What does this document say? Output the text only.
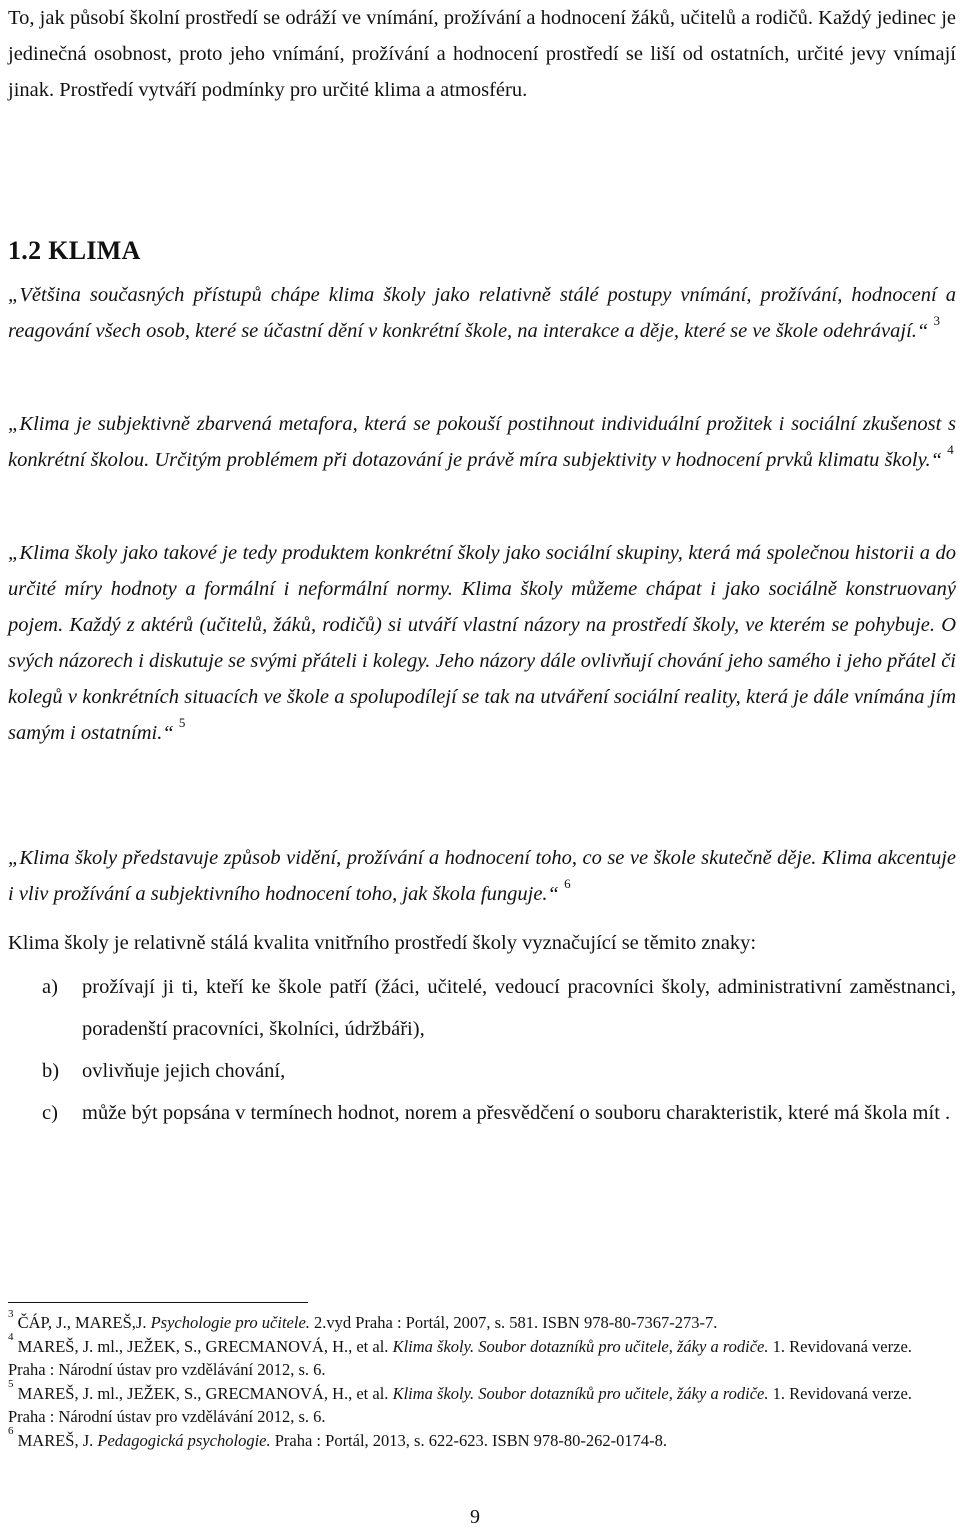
To, jak působí školní prostředí se odráží ve vnímání, prožívání a hodnocení žáků, učitelů a rodičů. Každý jedinec je jedinečná osobnost, proto jeho vnímání, prožívání a hodnocení prostředí se liší od ostatních, určité jevy vnímají jinak. Prostředí vytváří podmínky pro určité klima a atmosféru.

1.2 KLIMA

„Většina současných přístupů chápe klima školy jako relativně stálé postupy vnímání, prožívání, hodnocení a reagování všech osob, které se účastní dění v konkrétní škole, na interakce a děje, které se ve škole odehrávají.“ $^3$

„Klima je subjektivně zbarvená metafora, která se pokouší postihnout individuální prožitek i sociální zkušenost s konkrétní školou. Určitým problémem při dotazování je právě míra subjektivity v hodnocení prvků klimatu školy.“ $^4$

„Klima školy jako takové je tedy produktem konkrétní školy jako sociální skupiny, která má společnou historii a do určité míry hodnoty a formální i neformální normy. Klima školy můžeme chápat i jako sociálně konstruovaný pojem. Každý z aktérů (učitelů, žáků, rodičů) si utváří vlastní názory na prostředí školy, ve kterém se pohybuje. O svých názorech i diskutuje se svými přáteli i kolegy. Jeho názory dále ovlivňují chování jeho samého i jeho přátel či kolegů v konkrétních situacích ve škole a spolupodílejí se tak na utváření sociální reality, která je dále vnímána jím samým i ostatními.“ $^5$

„Klima školy představuje způsob vidění, prožívání a hodnocení toho, co se ve škole skutečně děje. Klima akcentuje i vliv prožívání a subjektivního hodnocení toho, jak škola funguje.“ $^6$

Klima školy je relativně stálá kvalita vnitřního prostředí školy vyznačující se těmito znaky:

a)	prožívají ji ti, kteří ke škole patří (žáci, učitelé, vedoucí pracovníci školy, administrativní zaměstnanci, poradenští pracovníci, školníci, údržbáři),
b)	ovlivňuje jejich chování,
c)	může být popsána v termínech hodnot, norem a přesvědčení o souboru charakteristik, které má škola mít .
$^3$ ČÁP, J., MAREŠ,J. Psychologie pro učitele. 2.vyd Praha : Portál, 2007, s. 581. ISBN 978-80-7367-273-7.
$^4$ MAREŠ, J. ml., JEŽEK, S., GRECMANOVÁ, H., et al. Klima školy. Soubor dotazníků pro učitele, žáky a rodiče. 1. Revidovaná verze. Praha : Národní ústav pro vzdělávání 2012, s. 6.
$^5$ MAREŠ, J. ml., JEŽEK, S., GRECMANOVÁ, H., et al. Klima školy. Soubor dotazníků pro učitele, žáky a rodiče. 1. Revidovaná verze. Praha : Národní ústav pro vzdělávání 2012, s. 6.
$^6$ MAREŠ, J. Pedagogická psychologie. Praha : Portál, 2013, s. 622-623. ISBN 978-80-262-0174-8.
9
